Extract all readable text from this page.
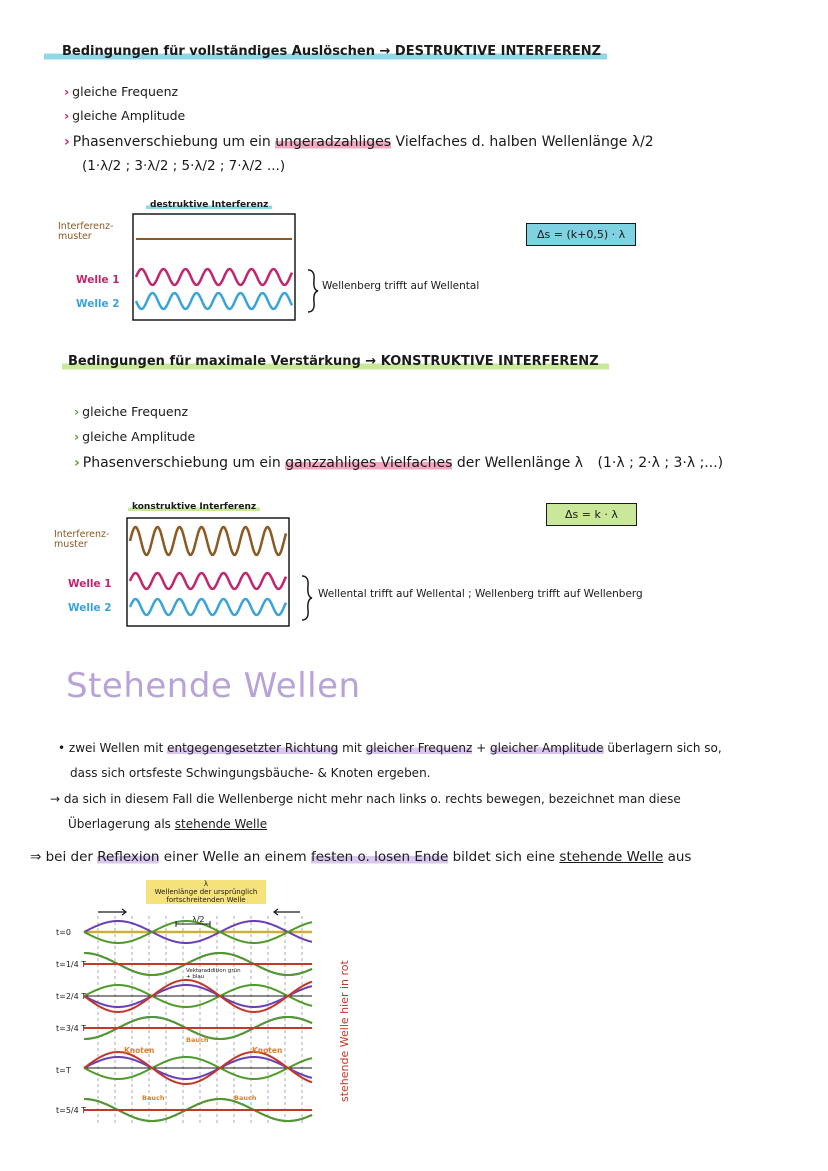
Bedingungen für vollständiges Auslöschen → DESTRUKTIVE INTERFERENZ
› gleiche Frequenz
› gleiche Amplitude
› Phasenverschiebung um ein ungeradzahliges Vielfaches d. halben Wellenlänge λ/2
(1·λ/2 ; 3·λ/2 ; 5·λ/2 ; 7·λ/2 ...)
destruktive Interferenz
Interferenz-muster
Welle 1
Welle 2
Wellenberg trifft auf Wellental
Δs = (k+0,5) · λ
Bedingungen für maximale Verstärkung → KONSTRUKTIVE INTERFERENZ
› gleiche Frequenz
› gleiche Amplitude
› Phasenverschiebung um ein ganzzahliges Vielfaches der Wellenlänge λ (1·λ ; 2·λ ; 3·λ ;...)
konstruktive Interferenz
Interferenz-muster
Welle 1
Welle 2
Wellental trifft auf Wellental ; Wellenberg trifft auf Wellenberg
Δs = k · λ
Stehende Wellen
• zwei Wellen mit entgegengesetzter Richtung mit gleicher Frequenz + gleicher Amplitude überlagern sich so,
dass sich ortsfeste Schwingungsbäuche- & Knoten ergeben.
→ da sich in diesem Fall die Wellenberge nicht mehr nach links o. rechts bewegen, bezeichnet man diese
Überlagerung als stehende Welle
⇒ bei der Reflexion einer Welle an einem festen o. losen Ende bildet sich eine stehende Welle aus
λ
Wellenlänge der ursprünglich fortschreitenden Welle
λ/2
t=0
t=1/4 T
t=2/4 T
t=3/4 T
t=T
t=5/4 T
Vektoraddition grün + blau
Knoten	Knoten
Bauch
Bauch	Bauch	stehende Welle hier in rot
